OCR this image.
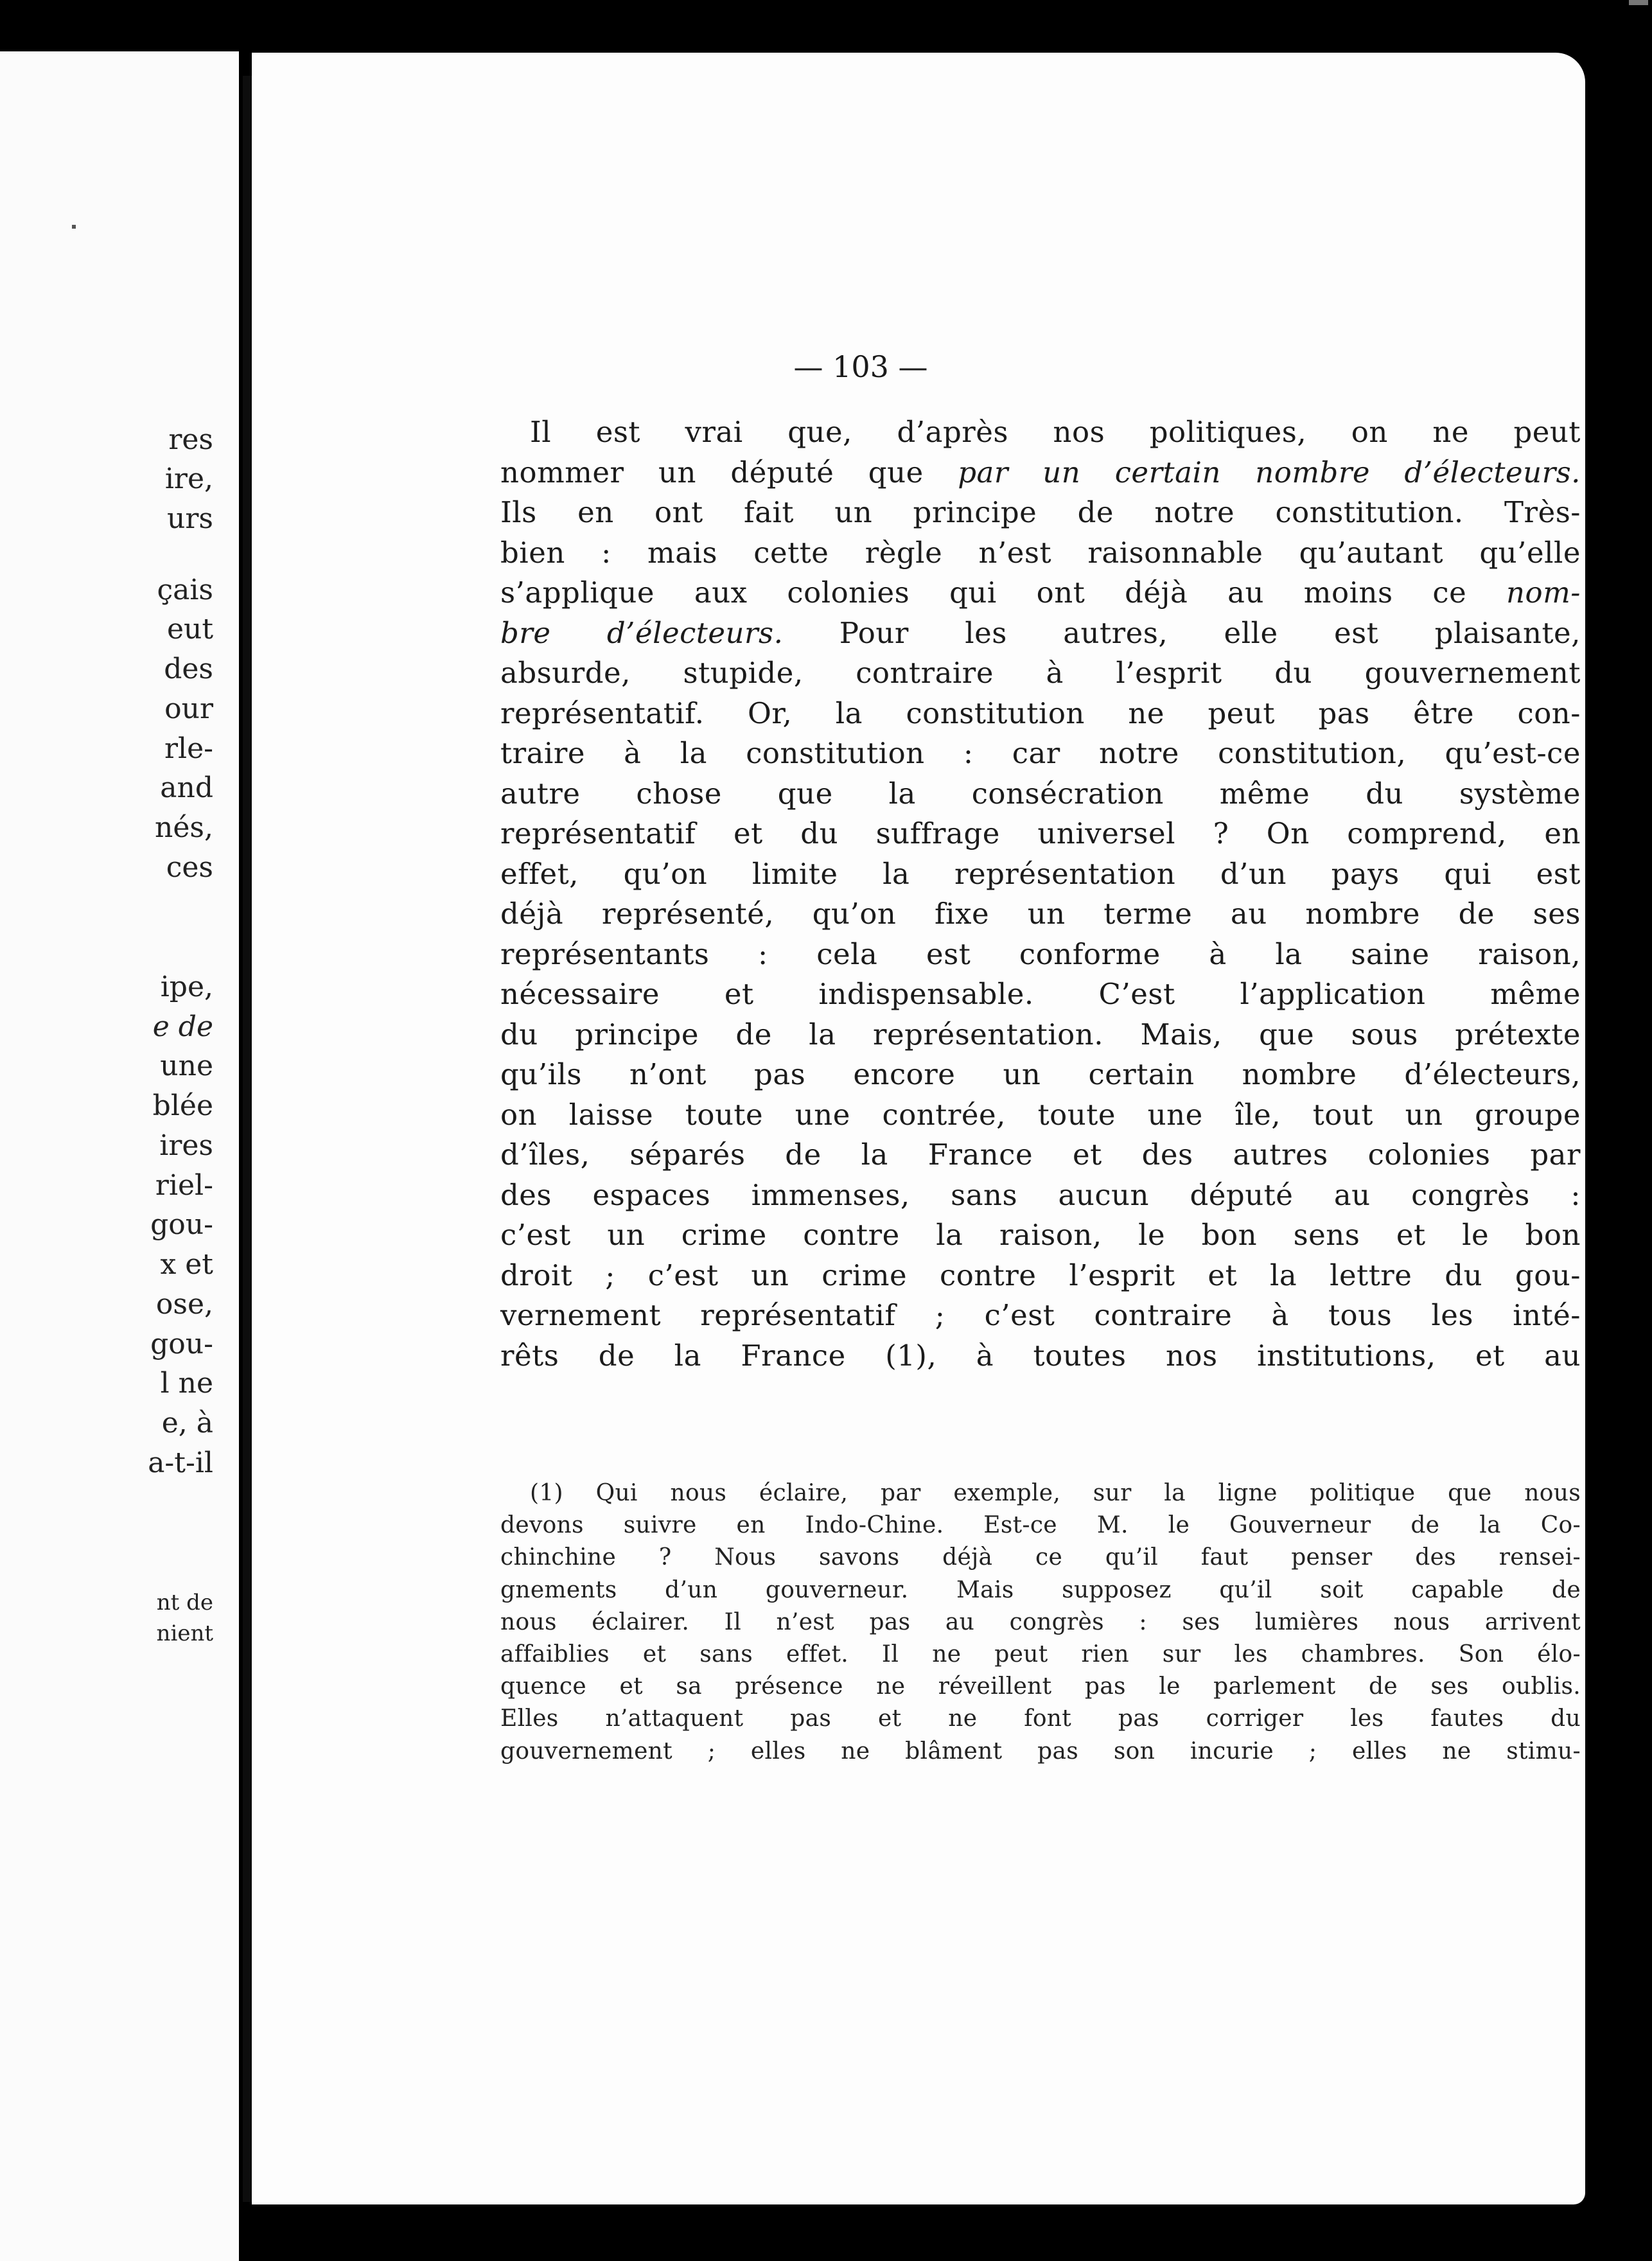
res
ire,
urs
çais
eut
des
our
rle-
and
nés,
ces
ipe,
e de
une
blée
ires
riel-
gou-
x et
ose,
gou-
l ne
e, à
a-t-il
nt de
nient
— 103 —
Il est vrai que, d’après nos politiques, on ne peut
nommer un député que par un certain nombre d’électeurs.
Ils en ont fait un principe de notre constitution. Très-
bien : mais cette règle n’est raisonnable qu’autant qu’elle
s’applique aux colonies qui ont déjà au moins ce nom-
bre d’électeurs. Pour les autres, elle est plaisante,
absurde, stupide, contraire à l’esprit du gouvernement
représentatif. Or, la constitution ne peut pas être con-
traire à la constitution : car notre constitution, qu’est-ce
autre chose que la consécration même du système
représentatif et du suffrage universel ? On comprend, en
effet, qu’on limite la représentation d’un pays qui est
déjà représenté, qu’on fixe un terme au nombre de ses
représentants : cela est conforme à la saine raison,
nécessaire et indispensable. C’est l’application même
du principe de la représentation. Mais, que sous prétexte
qu’ils n’ont pas encore un certain nombre d’électeurs,
on laisse toute une contrée, toute une île, tout un groupe
d’îles, séparés de la France et des autres colonies par
des espaces immenses, sans aucun député au congrès :
c’est un crime contre la raison, le bon sens et le bon
droit ; c’est un crime contre l’esprit et la lettre du gou-
vernement représentatif ; c’est contraire à tous les inté-
rêts de la France (1), à toutes nos institutions, et au
(1) Qui nous éclaire, par exemple, sur la ligne politique que nous
devons suivre en Indo-Chine. Est-ce M. le Gouverneur de la Co-
chinchine ? Nous savons déjà ce qu’il faut penser des rensei-
gnements d’un gouverneur. Mais supposez qu’il soit capable de
nous éclairer. Il n’est pas au congrès : ses lumières nous arrivent
affaiblies et sans effet. Il ne peut rien sur les chambres. Son élo-
quence et sa présence ne réveillent pas le parlement de ses oublis.
Elles n’attaquent pas et ne font pas corriger les fautes du
gouvernement ; elles ne blâment pas son incurie ; elles ne stimu-
